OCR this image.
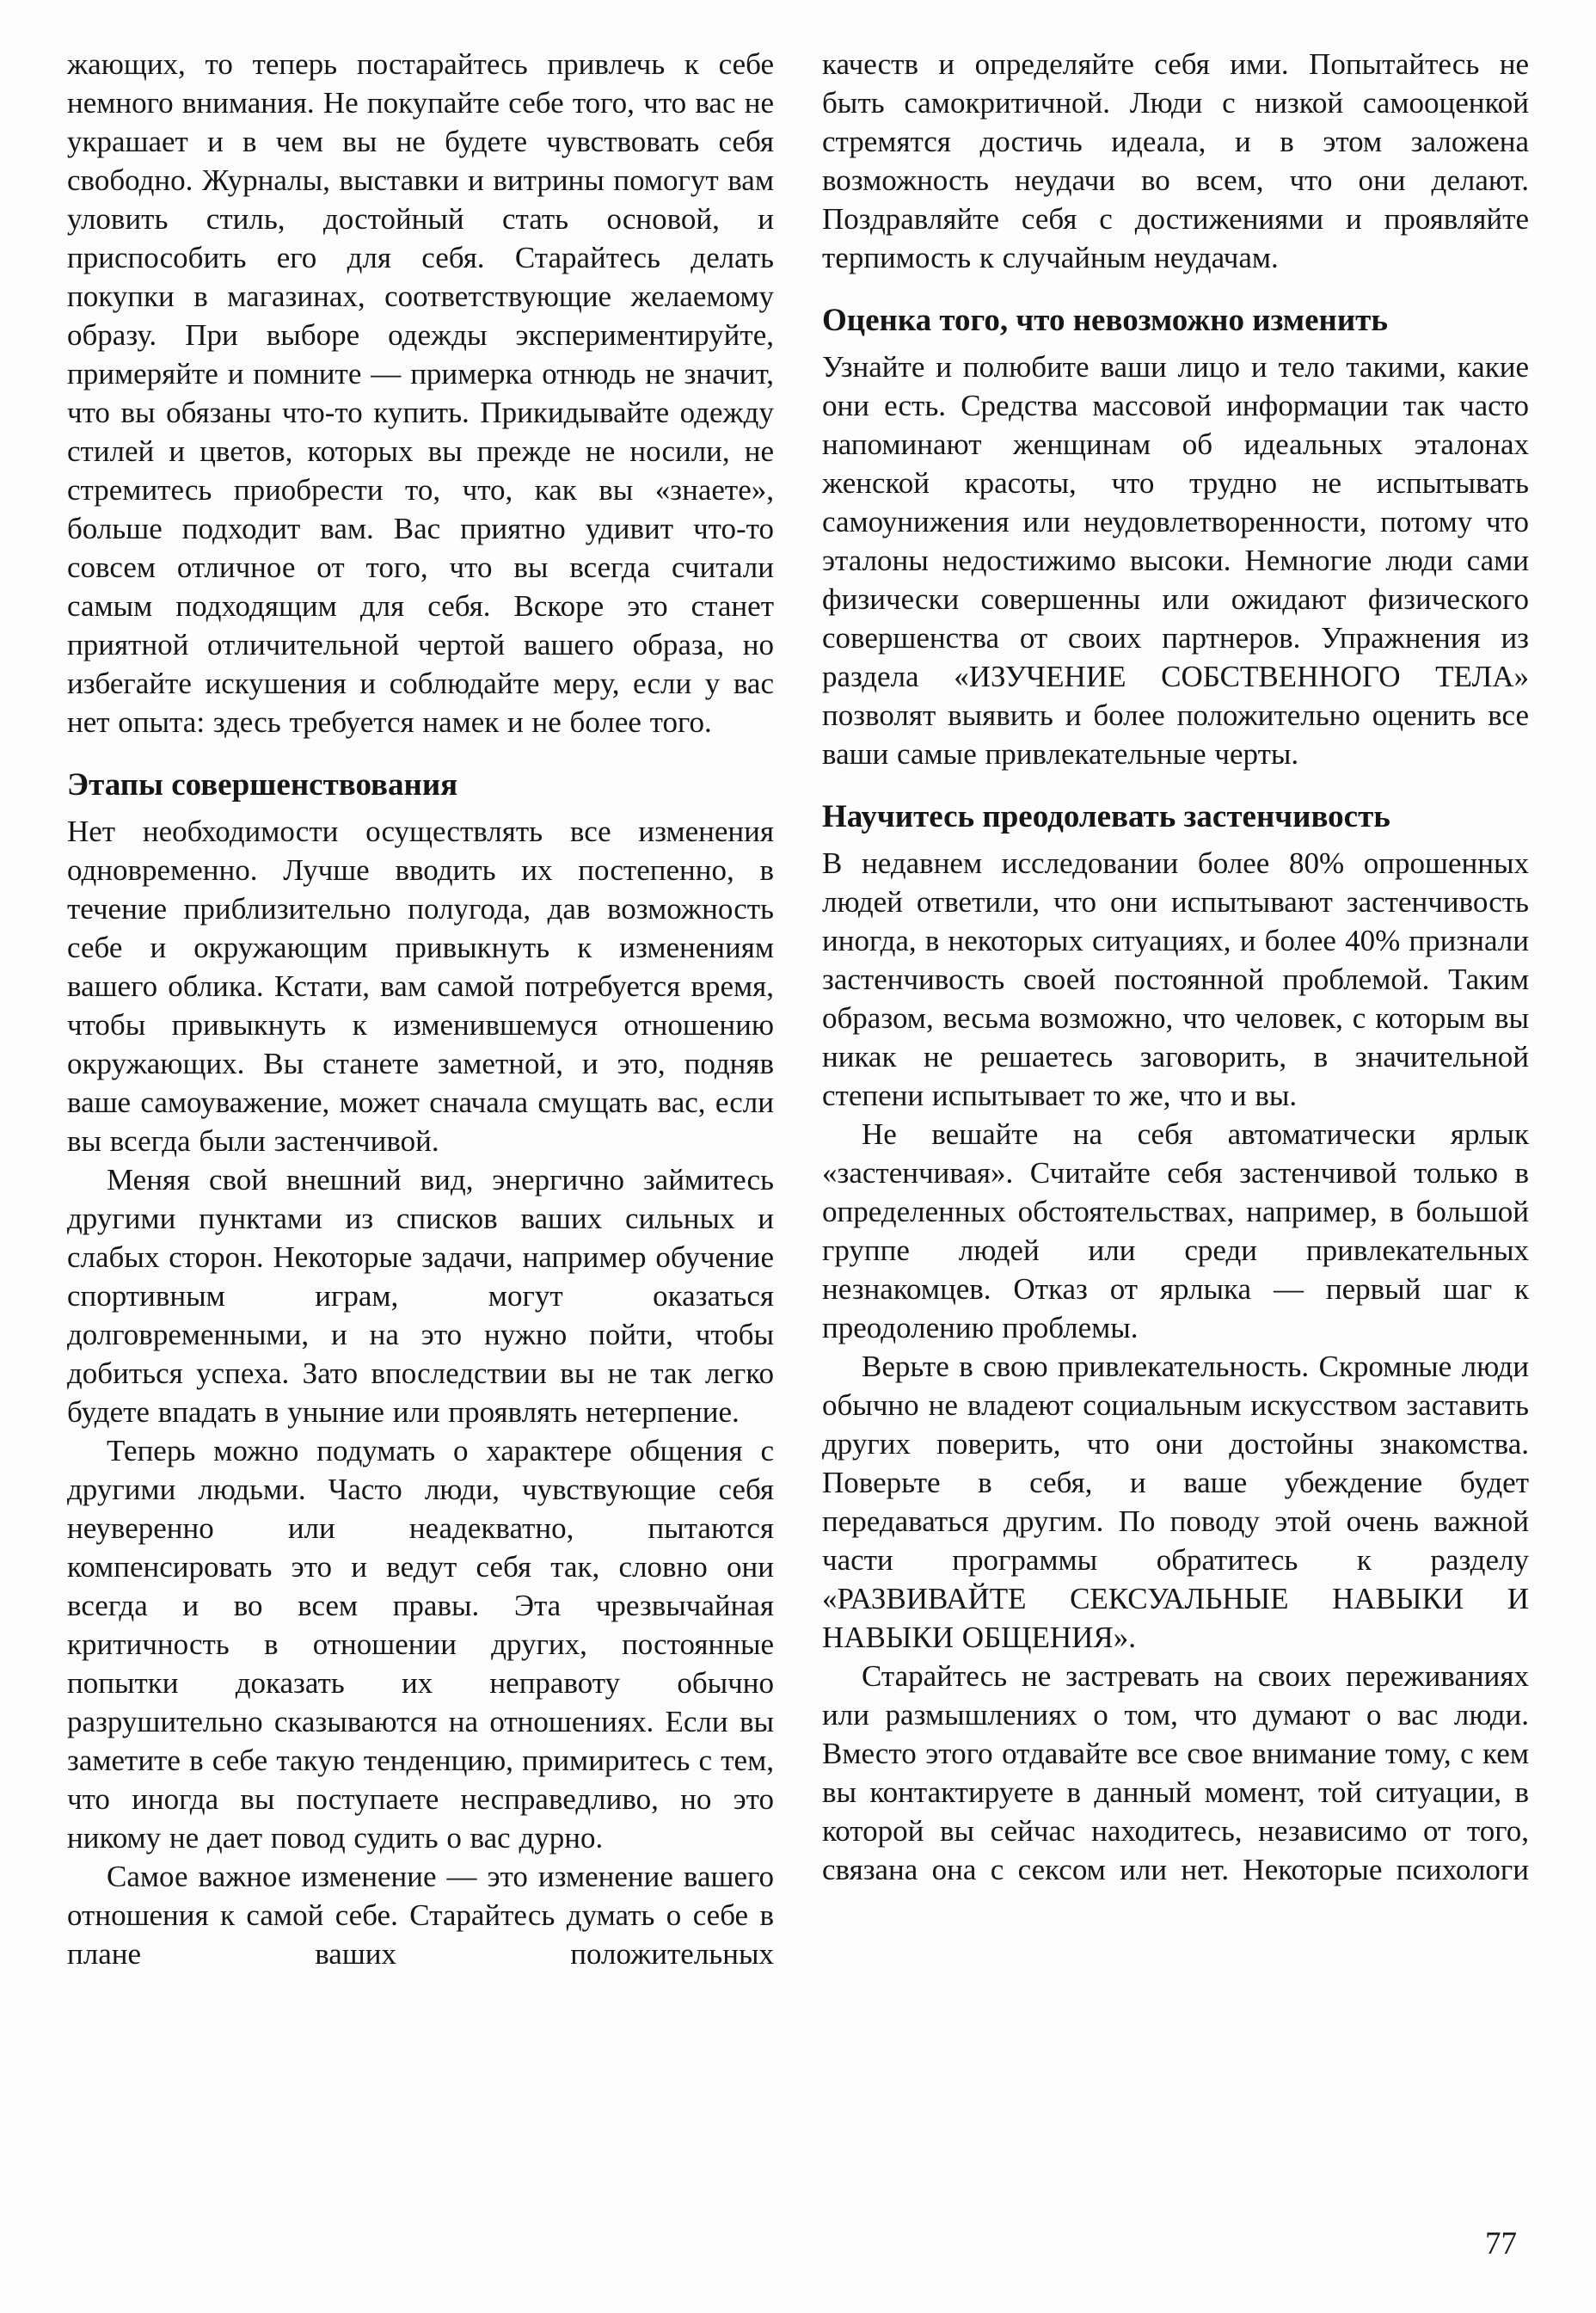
жающих, то теперь постарайтесь привлечь к себе немного внимания. Не покупайте себе того, что вас не украшает и в чем вы не будете чувствовать себя свободно. Журналы, выставки и витрины помогут вам уловить стиль, достойный стать основой, и приспособить его для себя. Старайтесь делать покупки в магазинах, соответствующие желаемому образу. При выборе одежды экспериментируйте, примеряйте и помните — примерка отнюдь не значит, что вы обязаны что-то купить. Прикидывайте одежду стилей и цветов, которых вы прежде не носили, не стремитесь приобрести то, что, как вы «знаете», больше подходит вам. Вас приятно удивит что-то совсем отличное от того, что вы всегда считали самым подходящим для себя. Вскоре это станет приятной отличительной чертой вашего образа, но избегайте искушения и соблюдайте меру, если у вас нет опыта: здесь требуется намек и не более того.

Этапы совершенствования

Нет необходимости осуществлять все изменения одновременно. Лучше вводить их постепенно, в течение приблизительно полугода, дав возможность себе и окружающим привыкнуть к изменениям вашего облика. Кстати, вам самой потребуется время, чтобы привыкнуть к изменившемуся отношению окружающих. Вы станете заметной, и это, подняв ваше самоуважение, может сначала смущать вас, если вы всегда были застенчивой.

Меняя свой внешний вид, энергично займитесь другими пунктами из списков ваших сильных и слабых сторон. Некоторые задачи, например обучение спортивным играм, могут оказаться долговременными, и на это нужно пойти, чтобы добиться успеха. Зато впоследствии вы не так легко будете впадать в уныние или проявлять нетерпение.

Теперь можно подумать о характере общения с другими людьми. Часто люди, чувствующие себя неуверенно или неадекватно, пытаются компенсировать это и ведут себя так, словно они всегда и во всем правы. Эта чрезвычайная критичность в отношении других, постоянные попытки доказать их неправоту обычно разрушительно сказываются на отношениях. Если вы заметите в себе такую тенденцию, примиритесь с тем, что иногда вы поступаете несправедливо, но это никому не дает повод судить о вас дурно.

Самое важное изменение — это изменение вашего отношения к самой себе. Старайтесь думать о себе в плане ваших положительных

качеств и определяйте себя ими. Попытайтесь не быть самокритичной. Люди с низкой самооценкой стремятся достичь идеала, и в этом заложена возможность неудачи во всем, что они делают. Поздравляйте себя с достижениями и проявляйте терпимость к случайным неудачам.

Оценка того, что невозможно изменить

Узнайте и полюбите ваши лицо и тело такими, какие они есть. Средства массовой информации так часто напоминают женщинам об идеальных эталонах женской красоты, что трудно не испытывать самоунижения или неудовлетворенности, потому что эталоны недостижимо высоки. Немногие люди сами физически совершенны или ожидают физического совершенства от своих партнеров. Упражнения из раздела «ИЗУЧЕНИЕ СОБСТВЕННОГО ТЕЛА» позволят выявить и более положительно оценить все ваши самые привлекательные черты.

Научитесь преодолевать застенчивость

В недавнем исследовании более 80% опрошенных людей ответили, что они испытывают застенчивость иногда, в некоторых ситуациях, и более 40% признали застенчивость своей постоянной проблемой. Таким образом, весьма возможно, что человек, с которым вы никак не решаетесь заговорить, в значительной степени испытывает то же, что и вы.

Не вешайте на себя автоматически ярлык «застенчивая». Считайте себя застенчивой только в определенных обстоятельствах, например, в большой группе людей или среди привлекательных незнакомцев. Отказ от ярлыка — первый шаг к преодолению проблемы.

Верьте в свою привлекательность. Скромные люди обычно не владеют социальным искусством заставить других поверить, что они достойны знакомства. Поверьте в себя, и ваше убеждение будет передаваться другим. По поводу этой очень важной части программы обратитесь к разделу «РАЗВИВАЙТЕ СЕКСУАЛЬНЫЕ НАВЫКИ И НАВЫКИ ОБЩЕНИЯ».

Старайтесь не застревать на своих переживаниях или размышлениях о том, что думают о вас люди. Вместо этого отдавайте все свое внимание тому, с кем вы контактируете в данный момент, той ситуации, в которой вы сейчас находитесь, независимо от того, связана она с сексом или нет. Некоторые психологи

77
